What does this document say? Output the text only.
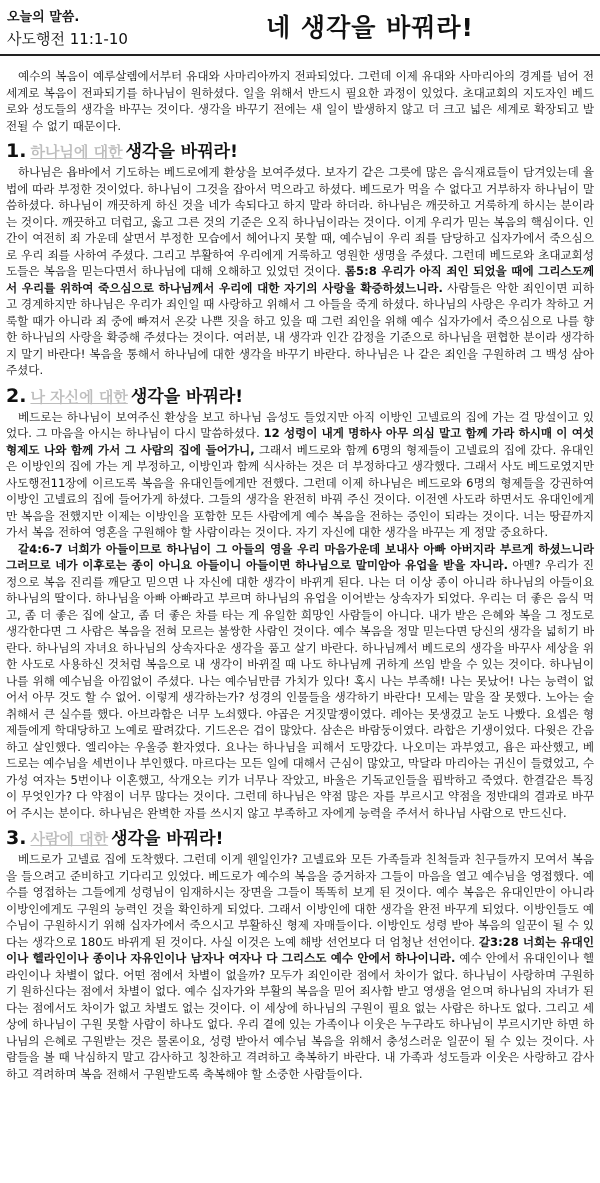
오늘의 말씀.
사도행전 11:1-10	네 생각을 바꿔라!

예수의 복음이 예루살렘에서부터 유대와 사마리아까지 전파되었다. 그런데 이제 유대와 사마리아의 경계를 넘어 전 세계로 복음이 전파되기를 하나님이 원하셨다. 일을 위해서 반드시 필요한 과정이 있었다. 초대교회의 지도자인 베드로와 성도들의 생각을 바꾸는 것이다. 생각을 바꾸기 전에는 새 일이 발생하지 않고 더 크고 넓은 세계로 확장되고 발전될 수 없기 때문이다.

1. 하나님에 대한 생각을 바꿔라!

하나님은 욥바에서 기도하는 베드로에게 환상을 보여주셨다. 보자기 같은 그릇에 많은 음식재료들이 담겨있는데 율법에 따라 부정한 것이었다. 하나님이 그것을 잡아서 먹으라고 하셨다. 베드로가 먹을 수 없다고 거부하자 하나님이 말씀하셨다. 하나님이 깨끗하게 하신 것을 네가 속되다고 하지 말라 하더라. 하나님은 깨끗하고 거룩하게 하시는 분이라는 것이다. 깨끗하고 더럽고, 옳고 그른 것의 기준은 오직 하나님이라는 것이다. 이게 우리가 믿는 복음의 핵심이다. 인간이 여전히 죄 가운데 살면서 부정한 모습에서 헤어나지 못할 때, 예수님이 우리 죄를 담당하고 십자가에서 죽으심으로 우리 죄를 사하여 주셨다. 그리고 부활하여 우리에게 거룩하고 영원한 생명을 주셨다. 그런데 베드로와 초대교회성도들은 복음을 믿는다면서 하나님에 대해 오해하고 있었던 것이다. 롬5:8 우리가 아직 죄인 되었을 때에 그리스도께서 우리를 위하여 죽으심으로 하나님께서 우리에 대한 자기의 사랑을 확증하셨느니라. 사람들은 악한 죄인이면 피하고 경계하지만 하나님은 우리가 죄인일 때 사랑하고 위해서 그 아들을 죽게 하셨다. 하나님의 사랑은 우리가 착하고 거룩할 때가 아니라 죄 중에 빠져서 온갖 나쁜 짓을 하고 있을 때 그런 죄인을 위해 예수 십자가에서 죽으심으로 나를 향한 하나님의 사랑을 확증해 주셨다는 것이다. 여러분, 내 생각과 인간 감정을 기준으로 하나님을 편협한 분이라 생각하지 말기 바란다! 복음을 통해서 하나님에 대한 생각을 바꾸기 바란다. 하나님은 나 같은 죄인을 구원하려 그 백성 삼아 주셨다.

2. 나 자신에 대한 생각을 바꿔라!

베드로는 하나님이 보여주신 환상을 보고 하나님 음성도 들었지만 아직 이방인 고넬료의 집에 가는 걸 망설이고 있었다. 그 마음을 아시는 하나님이 다시 말씀하셨다. 12 성령이 내게 명하사 아무 의심 말고 함께 가라 하시매 이 여섯 형제도 나와 함께 가서 그 사람의 집에 들어가니, 그래서 베드로와 함께 6명의 형제들이 고넬료의 집에 갔다. 유대인은 이방인의 집에 가는 게 부정하고, 이방인과 함께 식사하는 것은 더 부정하다고 생각했다. 그래서 사도 베드로였지만 사도행전11장에 이르도록 복음을 유대인들에게만 전했다. 그런데 이제 하나님은 베드로와 6명의 형제들을 강권하여 이방인 고넬료의 집에 들어가게 하셨다. 그들의 생각을 완전히 바꿔 주신 것이다. 이전엔 사도라 하면서도 유대인에게만 복음을 전했지만 이제는 이방인을 포함한 모든 사람에게 예수 복음을 전하는 증인이 되라는 것이다. 너는 땅끝까지 가서 복음 전하여 영혼을 구원해야 할 사람이라는 것이다. 자기 자신에 대한 생각을 바꾸는 게 정말 중요하다.

갈4:6-7 너희가 아들이므로 하나님이 그 아들의 영을 우리 마음가운데 보내사 아빠 아버지라 부르게 하셨느니라 그러므로 네가 이후로는 종이 아니요 아들이니 아들이면 하나님으로 말미암아 유업을 받을 자니라. 아멘? 우리가 진정으로 복음 진리를 깨닫고 믿으면 나 자신에 대한 생각이 바뀌게 된다. 나는 더 이상 종이 아니라 하나님의 아들이요 하나님의 딸이다. 하나님을 아빠 아빠라고 부르며 하나님의 유업을 이어받는 상속자가 되었다. 우리는 더 좋은 음식 먹고, 좀 더 좋은 집에 살고, 좀 더 좋은 차를 타는 게 유일한 희망인 사람들이 아니다. 내가 받은 은혜와 복을 그 정도로 생각한다면 그 사람은 복음을 전혀 모르는 불쌍한 사람인 것이다. 예수 복음을 정말 믿는다면 당신의 생각을 넓히기 바란다. 하나님의 자녀요 하나님의 상속자다운 생각을 품고 살기 바란다. 하나님께서 베드로의 생각을 바꾸사 세상을 위한 사도로 사용하신 것처럼 복음으로 내 생각이 바뀌질 때 나도 하나님께 귀하게 쓰임 받을 수 있는 것이다. 하나님이 나를 위해 예수님을 아낌없이 주셨다. 나는 예수님만큼 가치가 있다! 혹시 나는 부족해! 나는 못났어! 나는 능력이 없어서 아무 것도 할 수 없어. 이렇게 생각하는가? 성경의 인물들을 생각하기 바란다! 모세는 말을 잘 못했다. 노아는 술 취해서 큰 실수를 했다. 아브라함은 너무 노쇠했다. 야곱은 거짓말쟁이였다. 레아는 못생겼고 눈도 나빴다. 요셉은 형제들에게 학대당하고 노예로 팔려갔다. 기드온은 겁이 많았다. 삼손은 바람둥이였다. 라합은 기생이었다. 다윗은 간음하고 살인했다. 엘리야는 우울증 환자였다. 요나는 하나님을 피해서 도망갔다. 나오미는 과부였고, 욥은 파산했고, 베드로는 예수님을 세번이나 부인했다. 마르다는 모든 일에 대해서 근심이 많았고, 막달라 마리아는 귀신이 들렸었고, 수가성 여자는 5번이나 이혼했고, 삭개오는 키가 너무나 작았고, 바울은 기독교인들을 핍박하고 죽였다. 한결같은 특징이 무엇인가? 다 약점이 너무 많다는 것이다. 그런데 하나님은 약점 많은 자를 부르시고 약점을 정반대의 결과로 바꾸어 주시는 분이다. 하나님은 완벽한 자를 쓰시지 않고 부족하고 자에게 능력을 주셔서 하나님 사람으로 만드신다.

3. 사람에 대한 생각을 바꿔라!

베드로가 고넬료 집에 도착했다. 그런데 이게 웬일인가? 고넬료와 모든 가족들과 친척들과 친구들까지 모여서 복음을 들으려고 준비하고 기다리고 있었다. 베드로가 예수의 복음을 증거하자 그들이 마음을 열고 예수님을 영접했다. 예수를 영접하는 그들에게 성령님이 임재하시는 장면을 그들이 똑똑히 보게 된 것이다. 예수 복음은 유대인만이 아니라 이방인에게도 구원의 능력인 것을 확인하게 되었다. 그래서 이방인에 대한 생각을 완전 바꾸게 되었다. 이방인들도 예수님이 구원하시기 위해 십자가에서 죽으시고 부활하신 형제 자매들이다. 이방인도 성령 받아 복음의 일꾼이 될 수 있다는 생각으로 180도 바뀌게 된 것이다. 사실 이것은 노예 해방 선언보다 더 엄청난 선언이다. 갈3:28 너희는 유대인이나 헬라인이나 종이나 자유인이나 남자나 여자나 다 그리스도 예수 안에서 하나이니라. 예수 안에서 유대인이나 헬라인이나 차별이 없다. 어떤 점에서 차별이 없을까? 모두가 죄인이란 점에서 차이가 없다. 하나님이 사랑하며 구원하기 원하신다는 점에서 차별이 없다. 예수 십자가와 부활의 복음을 믿어 죄사함 받고 영생을 얻으며 하나님의 자녀가 된다는 점에서도 차이가 없고 차별도 없는 것이다. 이 세상에 하나님의 구원이 필요 없는 사람은 하나도 없다. 그리고 세상에 하나님이 구원 못할 사람이 하나도 없다. 우리 곁에 있는 가족이나 이웃은 누구라도 하나님이 부르시기만 하면 하나님의 은혜로 구원받는 것은 물론이요, 성령 받아서 예수님 복음을 위해서 충성스러운 일꾼이 될 수 있는 것이다. 사람들을 볼 때 낙심하지 말고 감사하고 칭찬하고 격려하고 축복하기 바란다. 내 가족과 성도들과 이웃은 사랑하고 감사하고 격려하며 복음 전해서 구원받도록 축복해야 할 소중한 사람들이다.
